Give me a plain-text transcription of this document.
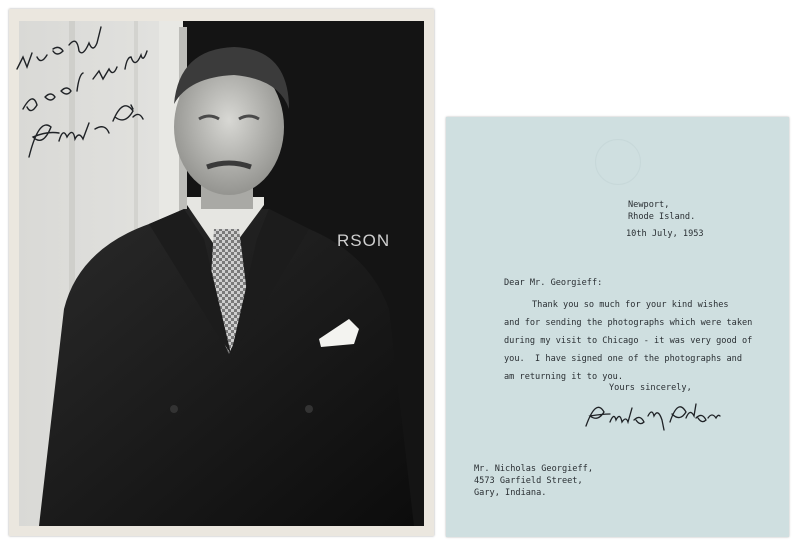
RSON
Newport,
Rhode Island.
10th July, 1953
Dear Mr. Georgieff:
Thank you so much for your kind wishes
and for sending the photographs which were taken
during my visit to Chicago - it was very good of
you.  I have signed one of the photographs and
am returning it to you.
Yours sincerely,
Mr. Nicholas Georgieff,
4573 Garfield Street,
Gary, Indiana.
